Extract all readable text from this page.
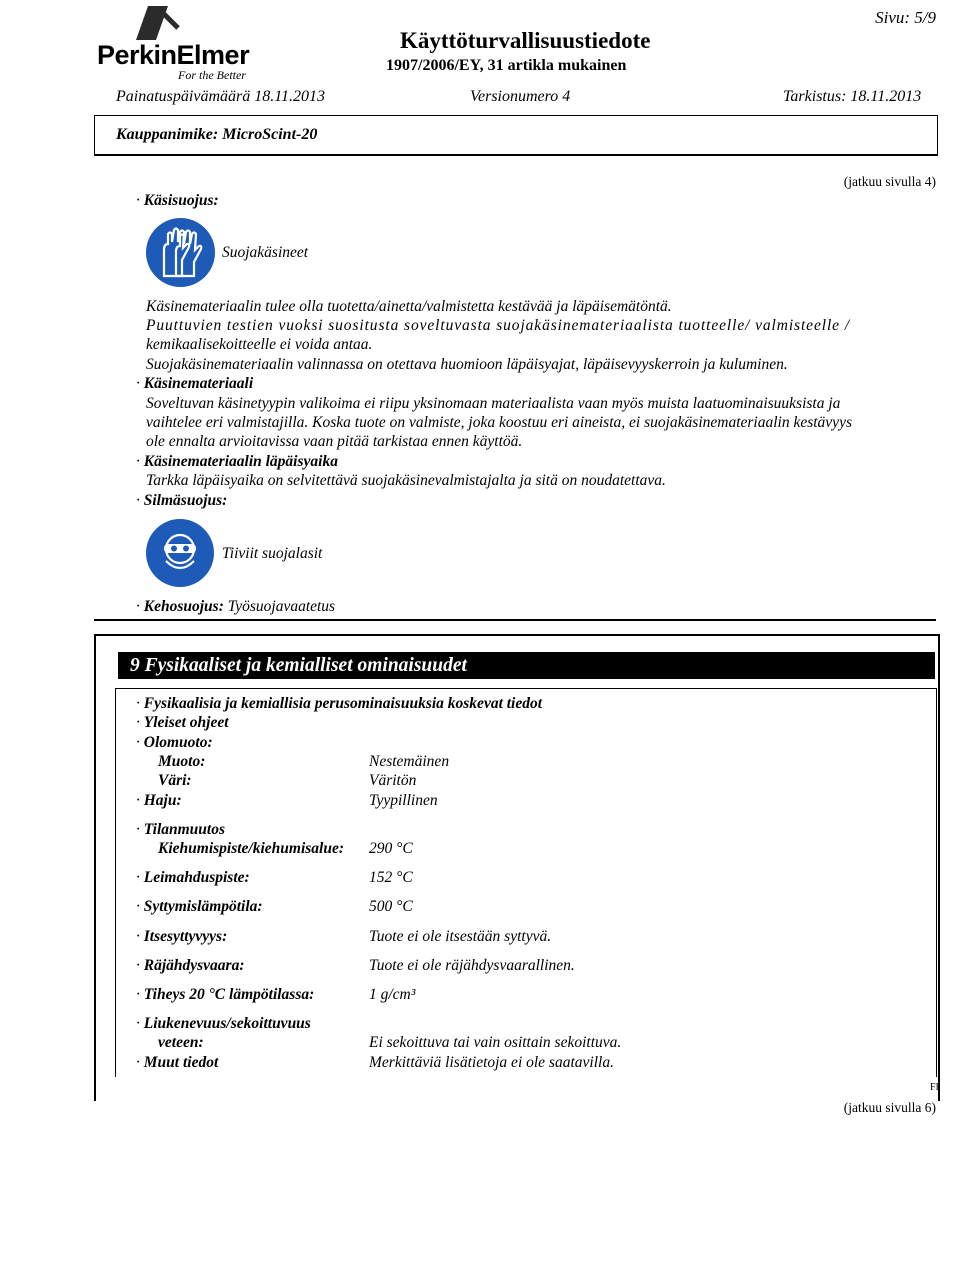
PerkinElmer
For the Better
Käyttöturvallisuustiedote
1907/2006/EY, 31 artikla mukainen
Sivu: 5/9
Painatuspäivämäärä 18.11.2013	Versionumero 4	Tarkistus: 18.11.2013
Kauppanimike: MicroScint-20
(jatkuu sivulla 4)
· Käsisuojus:
Suojakäsineet
Käsinemateriaalin tulee olla tuotetta/ainetta/valmistetta kestävää ja läpäisemätöntä.
Puuttuvien testien vuoksi suositusta soveltuvasta suojakäsinemateriaalista tuotteelle/ valmisteelle /
kemikaalisekoitteelle ei voida antaa.
Suojakäsinemateriaalin valinnassa on otettava huomioon läpäisyajat, läpäisevyyskerroin ja kuluminen.
· Käsinemateriaali
Soveltuvan käsinetyypin valikoima ei riipu yksinomaan materiaalista vaan myös muista laatuominaisuuksista ja
vaihtelee eri valmistajilla. Koska tuote on valmiste, joka koostuu eri aineista, ei suojakäsinemateriaalin kestävyys
ole ennalta arvioitavissa vaan pitää tarkistaa ennen käyttöä.
· Käsinemateriaalin läpäisyaika
Tarkka läpäisyaika on selvitettävä suojakäsinevalmistajalta ja sitä on noudatettava.
· Silmäsuojus:
Tiiviit suojalasit
· Kehosuojus: Työsuojavaatetus
9 Fysikaaliset ja kemialliset ominaisuudet
· Fysikaalisia ja kemiallisia perusominaisuuksia koskevat tiedot
· Yleiset ohjeet
· Olomuoto:
Muoto:	Nestemäinen
Väri:	Väritön
· Haju:	Tyypillinen
· Tilanmuutos
Kiehumispiste/kiehumisalue: 290 °C
· Leimahduspiste:	152 °C
· Syttymislämpötila:	500 °C
· Itsesyttyvyys:	Tuote ei ole itsestään syttyvä.
· Räjähdysvaara:	Tuote ei ole räjähdysvaarallinen.
· Tiheys 20 °C lämpötilassa:	1 g/cm³
· Liukenevuus/sekoittuvuus
veteen:	Ei sekoittuva tai vain osittain sekoittuva.
· Muut tiedot	Merkittäviä lisätietoja ei ole saatavilla.
FI
(jatkuu sivulla 6)
